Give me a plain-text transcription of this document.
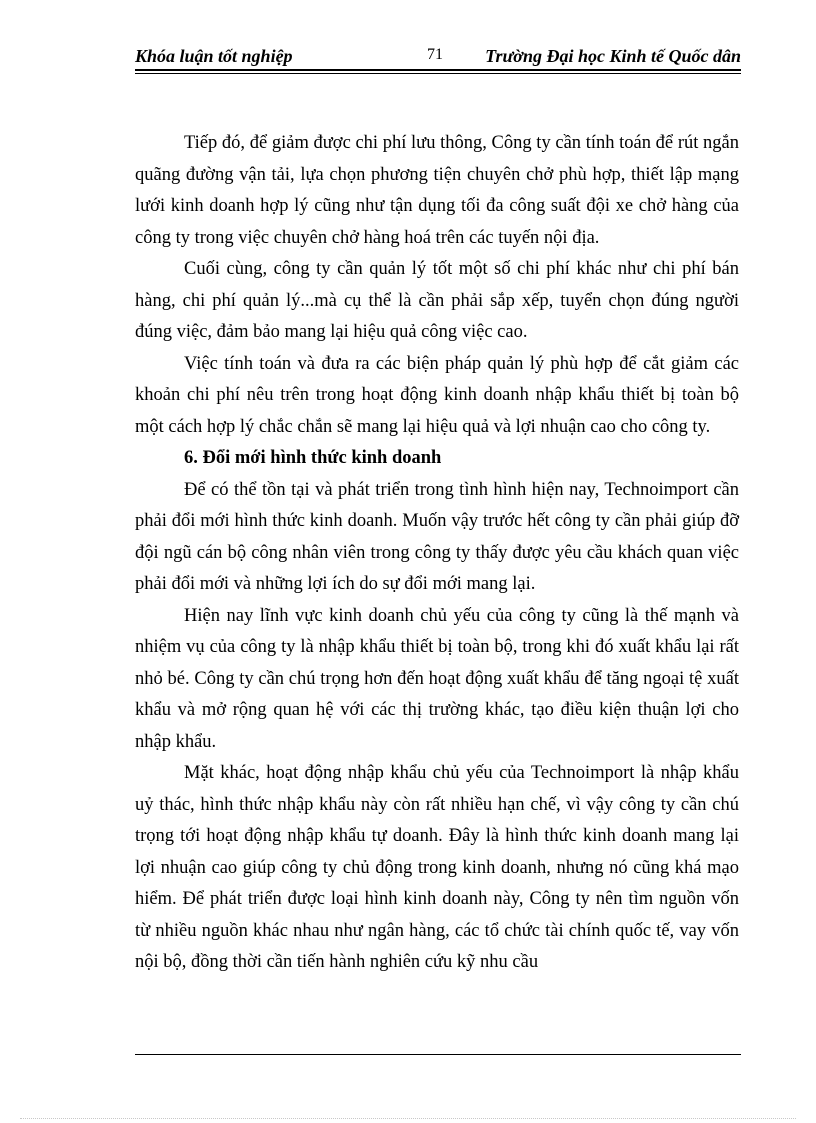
Khóa luận tốt nghiệp	71 Trường Đại học Kinh tế Quốc dân

Tiếp đó, để giảm được chi phí lưu thông, Công ty cần tính toán để rút ngắn quãng đường vận tải, lựa chọn phương tiện chuyên chở phù hợp, thiết lập mạng lưới kinh doanh hợp lý cũng như tận dụng tối đa công suất đội xe chở hàng của công ty trong việc chuyên chở hàng hoá trên các tuyến nội địa.

Cuối cùng, công ty cần quản lý tốt một số chi phí khác như chi phí bán hàng, chi phí quản lý...mà cụ thể là cần phải sắp xếp, tuyển chọn đúng người đúng việc, đảm bảo mang lại hiệu quả công việc cao.

Việc tính toán và đưa ra các biện pháp quản lý phù hợp để cắt giảm các khoản chi phí nêu trên trong hoạt động kinh doanh nhập khẩu thiết bị toàn bộ một cách hợp lý chắc chắn sẽ mang lại hiệu quả và lợi nhuận cao cho công ty.

6. Đổi mới hình thức kinh doanh

Để có thể tồn tại và phát triển trong tình hình hiện nay, Technoimport cần phải đổi mới hình thức kinh doanh. Muốn vậy trước hết công ty cần phải giúp đỡ đội ngũ cán bộ công nhân viên trong công ty thấy được yêu cầu khách quan việc phải đổi mới và những lợi ích do sự đổi mới mang lại.

Hiện nay lĩnh vực kinh doanh chủ yếu của công ty cũng là thế mạnh và nhiệm vụ của công ty là nhập khẩu thiết bị toàn bộ, trong khi đó xuất khẩu lại rất nhỏ bé. Công ty cần chú trọng hơn đến hoạt động xuất khẩu để tăng ngoại tệ xuất khẩu và mở rộng quan hệ với các thị trường khác, tạo điều kiện thuận lợi cho nhập khẩu.

Mặt khác, hoạt động nhập khẩu chủ yếu của Technoimport là nhập khẩu uỷ thác, hình thức nhập khẩu này còn rất nhiều hạn chế, vì vậy công ty cần chú trọng tới hoạt động nhập khẩu tự doanh. Đây là hình thức kinh doanh mang lại lợi nhuận cao giúp công ty chủ động trong kinh doanh, nhưng nó cũng khá mạo hiểm. Để phát triển được loại hình kinh doanh này, Công ty nên tìm nguồn vốn từ nhiều nguồn khác nhau như ngân hàng, các tổ chức tài chính quốc tế, vay vốn nội bộ, đồng thời cần tiến hành nghiên cứu kỹ nhu cầu
